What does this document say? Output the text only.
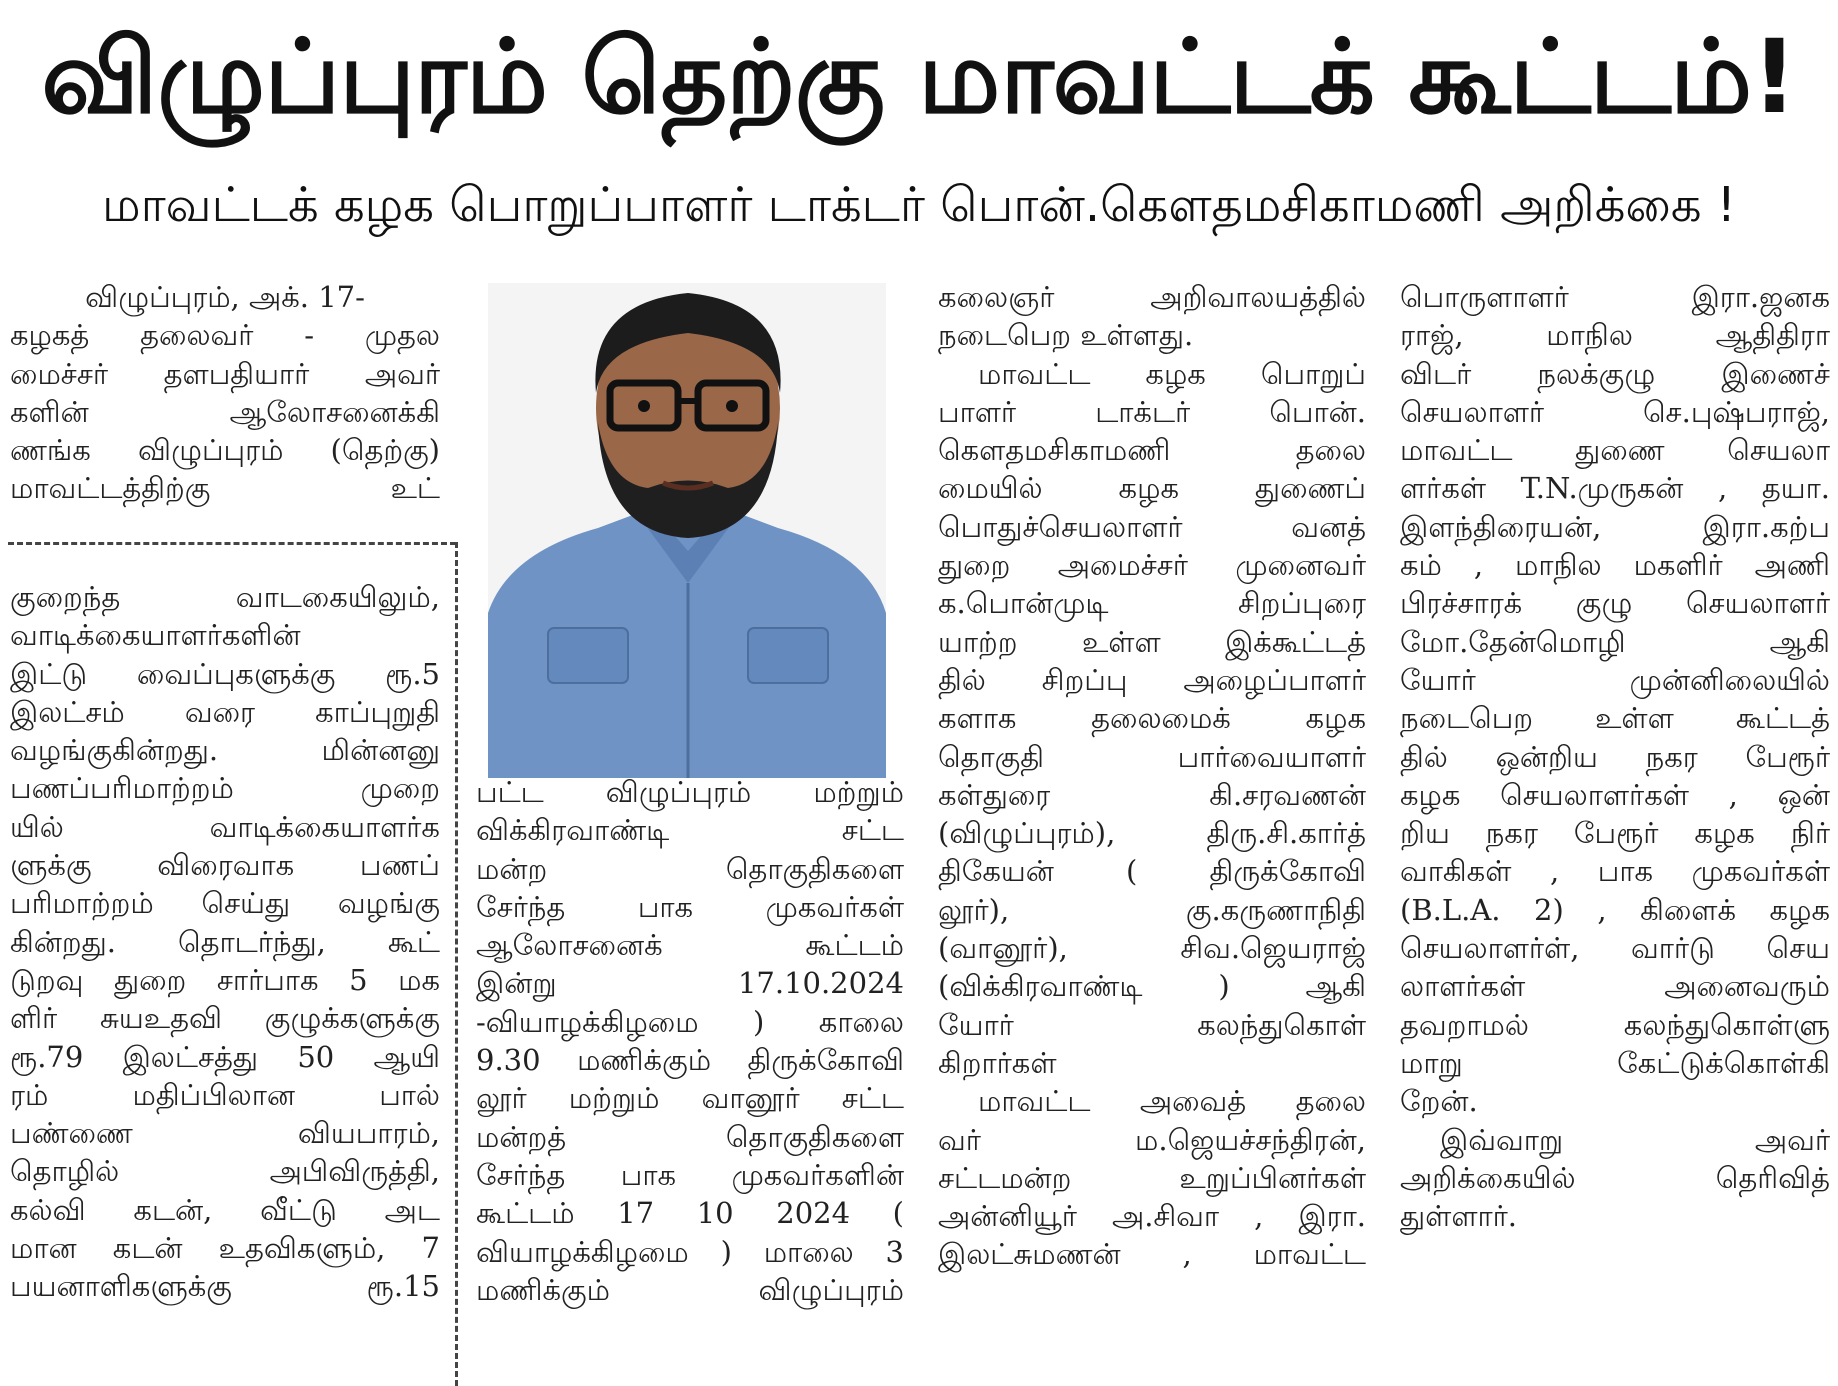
விழுப்புரம் தெற்கு மாவட்டக் கூட்டம்!
மாவட்டக் கழக பொறுப்பாளர் டாக்டர் பொன்.கௌதமசிகாமணி அறிக்கை !
விழுப்புரம், அக். 17-
கழகத் தலைவர் - முதல
மைச்சர் தளபதியார் அவர்
களின் ஆலோசனைக்கி
ணங்க விழுப்புரம் (தெற்கு)
மாவட்டத்திற்கு உட்
குறைந்த வாடகையிலும்,
வாடிக்கையாளர்களின்
இட்டு வைப்புகளுக்கு ரூ.5
இலட்சம் வரை காப்புறுதி
வழங்குகின்றது. மின்னனு
பணப்பரிமாற்றம் முறை
யில் வாடிக்கையாளர்க
ளுக்கு விரைவாக பணப்
பரிமாற்றம் செய்து வழங்கு
கின்றது. தொடர்ந்து, கூட்
டுறவு துறை சார்பாக 5 மக
ளிர் சுயஉதவி குழுக்களுக்கு
ரூ.79 இலட்சத்து 50 ஆயி
ரம் மதிப்பிலான பால்
பண்ணை வியபாரம்,
தொழில் அபிவிருத்தி,
கல்வி கடன், வீட்டு அட
மான கடன் உதவிகளும், 7
பயனாளிகளுக்கு ரூ.15
பட்ட விழுப்புரம் மற்றும்
விக்கிரவாண்டி சட்ட
மன்ற தொகுதிகளை
சேர்ந்த பாக முகவர்கள்
ஆலோசனைக் கூட்டம்
இன்று 17.10.2024
-வியாழக்கிழமை ) காலை
9.30 மணிக்கும் திருக்கோவி
லூர் மற்றும் வானூர் சட்ட
மன்றத் தொகுதிகளை
சேர்ந்த பாக முகவர்களின்
கூட்டம் 17 10 2024 (
வியாழக்கிழமை ) மாலை 3
மணிக்கும் விழுப்புரம்
கலைஞர் அறிவாலயத்தில்
நடைபெற உள்ளது.
மாவட்ட கழக பொறுப்
பாளர் டாக்டர் பொன்.
கௌதமசிகாமணி தலை
மையில் கழக துணைப்
பொதுச்செயலாளர் வனத்
துறை அமைச்சர் முனைவர்
க.பொன்முடி சிறப்புரை
யாற்ற உள்ள இக்கூட்டத்
தில் சிறப்பு அழைப்பாளர்
களாக தலைமைக் கழக
தொகுதி பார்வையாளர்
கள்துரை கி.சரவணன்
(விழுப்புரம்), திரு.சி.கார்த்
திகேயன் ( திருக்கோவி
லூர்), கு.கருணாநிதி
(வானூர்), சிவ.ஜெயராஜ்
(விக்கிரவாண்டி ) ஆகி
யோர் கலந்துகொள்
கிறார்கள்
மாவட்ட அவைத் தலை
வர் ம.ஜெயச்சந்திரன்,
சட்டமன்ற உறுப்பினர்கள்
அன்னியூர் அ.சிவா , இரா.
இலட்சுமணன் , மாவட்ட
பொருளாளர் இரா.ஜனக
ராஜ், மாநில ஆதிதிரா
விடர் நலக்குழு இணைச்
செயலாளர் செ.புஷ்பராஜ்,
மாவட்ட துணை செயலா
ளர்கள் T.N.முருகன் , தயா.
இளந்திரையன், இரா.கற்ப
கம் , மாநில மகளிர் அணி
பிரச்சாரக் குழு செயலாளர்
மோ.தேன்மொழி ஆகி
யோர் முன்னிலையில்
நடைபெற உள்ள கூட்டத்
தில் ஒன்றிய நகர பேரூர்
கழக செயலாளர்கள் , ஒன்
றிய நகர பேரூர் கழக நிர்
வாகிகள் , பாக முகவர்கள்
(B.L.A. 2) , கிளைக் கழக
செயலாளர்ள், வார்டு செய
லாளர்கள் அனைவரும்
தவறாமல் கலந்துகொள்ளு
மாறு கேட்டுக்கொள்கி
றேன்.
இவ்வாறு அவர்
அறிக்கையில் தெரிவித்
துள்ளார்.
